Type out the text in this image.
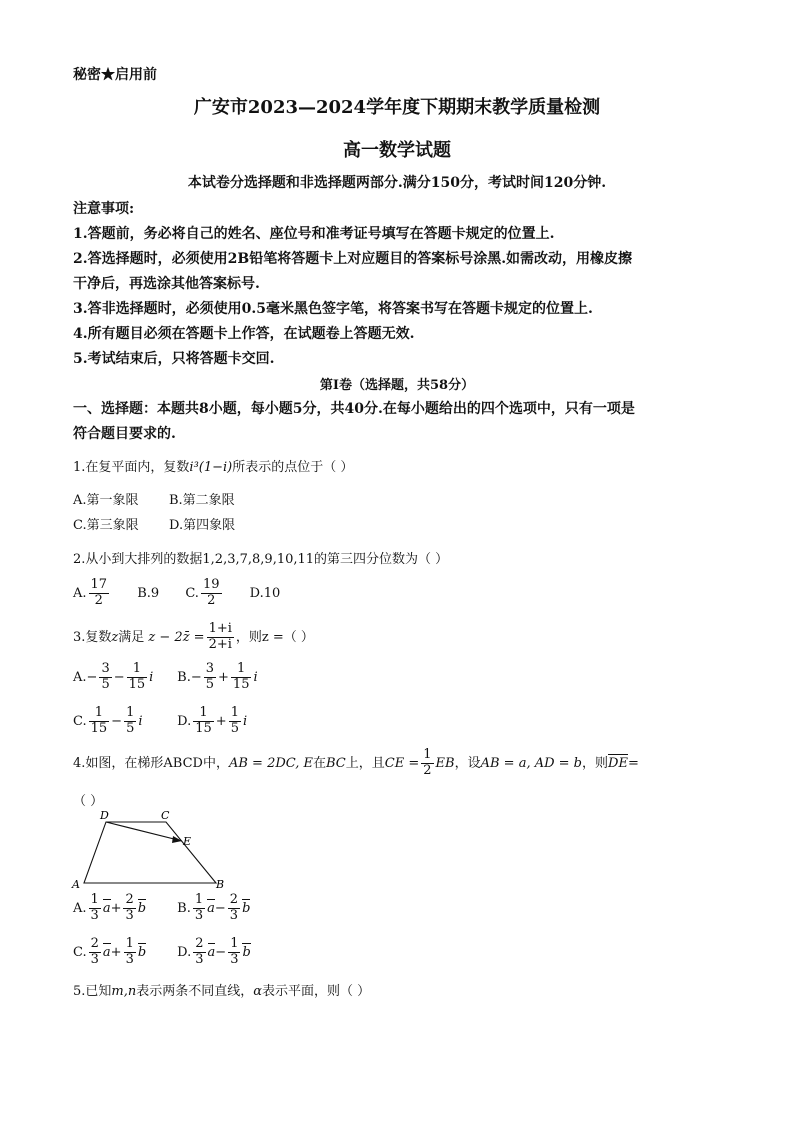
秘密★启用前
广安市2023—2024学年度下期期末教学质量检测
高一数学试题
本试卷分选择题和非选择题两部分.满分150分，考试时间120分钟.
注意事项:
1.答题前，务必将自己的姓名、座位号和准考证号填写在答题卡规定的位置上.
2.答选择题时，必须使用2B铅笔将答题卡上对应题目的答案标号涂黑.如需改动，用橡皮擦
干净后，再选涂其他答案标号.
3.答非选择题时，必须使用0.5毫米黑色签字笔，将答案书写在答题卡规定的位置上.
4.所有题目必须在答题卡上作答，在试题卷上答题无效.
5.考试结束后，只将答题卡交回.
第I卷（选择题，共58分）
一、选择题：本题共8小题，每小题5分，共40分.在每小题给出的四个选项中，只有一项是
符合题目要求的.
1.在复平面内，复数i³(1−i)所表示的点位于（ ）
A.第一象限 B.第二象限
C.第三象限 D.第四象限
2.从小到大排列的数据1,2,3,7,8,9,10,11的第三四分位数为（ ）
A. $\frac{17}{2} B.9$ C. $\frac{19}{2} D.10$
3.复数z满足 z − 2z̄ = $\frac{1+i}{2+i}$ ，则z =（ ）
$A.- \frac{3}{5} - \frac{1}{15}$ i $B.- \frac{3}{5} + \frac{1}{15}$ i
C. $\frac{1}{15} - \frac{1}{5}$ i	D. $\frac{1}{15} + \frac{1}{5}$ i
4.如图，在梯形ABCD中，AB = 2DC, E在BC上，且CE = $\frac{1}{2}$ EB，设AB = a, AD = b，则DE=
（ ）
D	C
E
A	B
A. $\frac{1}{3} a+ \frac{2}{3}$ b B. $\frac{1}{3} a- \frac{2}{3}$ b
C. $\frac{2}{3} a+ \frac{1}{3}$ b D. $\frac{2}{3} a- \frac{1}{3}$ b
5.已知m,n表示两条不同直线，α表示平面，则（ ）
